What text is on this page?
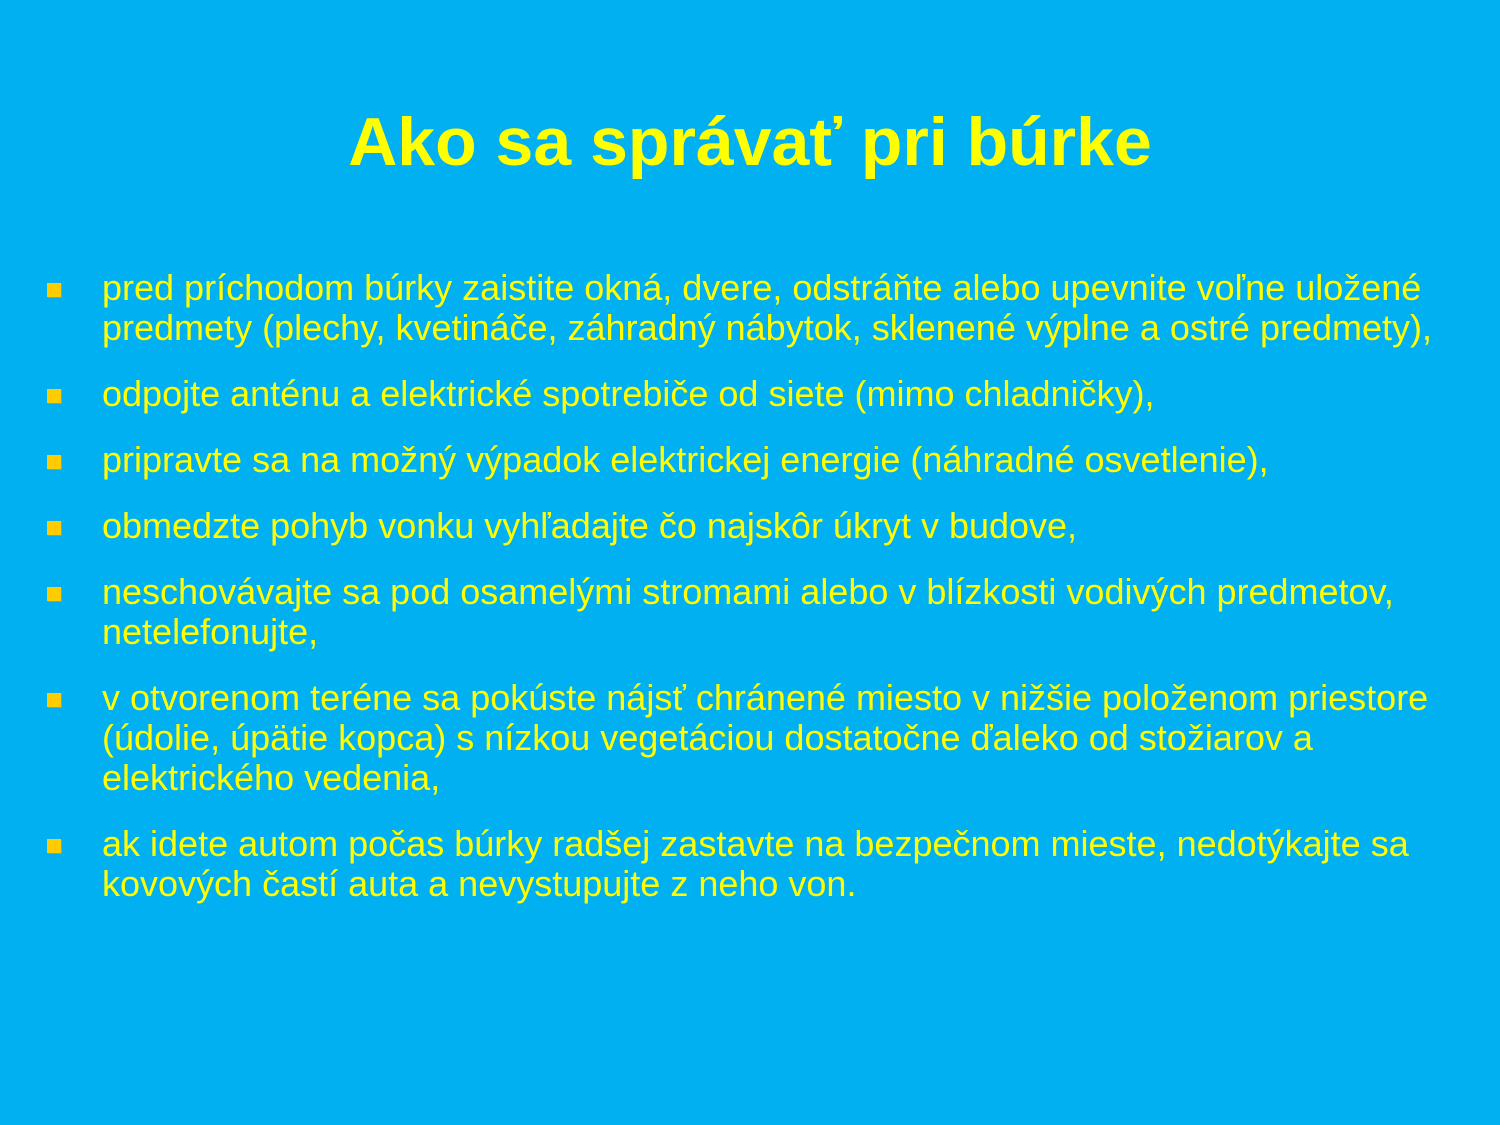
Ako sa správať pri búrke
pred príchodom búrky zaistite okná, dvere, odstráňte alebo upevnite voľne uložené predmety (plechy, kvetináče, záhradný nábytok, sklenené výplne a ostré predmety),
odpojte anténu a elektrické spotrebiče od siete (mimo chladničky),
pripravte sa na možný výpadok elektrickej energie (náhradné osvetlenie),
obmedzte pohyb vonku vyhľadajte čo najskôr úkryt v budove,
neschovávajte sa pod osamelými stromami alebo v blízkosti vodivých predmetov, netelefonujte,
v otvorenom teréne sa pokúste nájsť chránené miesto v nižšie položenom priestore (údolie, úpätie kopca) s nízkou vegetáciou dostatočne ďaleko od stožiarov a elektrického vedenia,
ak idete autom počas búrky radšej zastavte na bezpečnom mieste, nedotýkajte sa kovových častí auta a nevystupujte z neho von.
